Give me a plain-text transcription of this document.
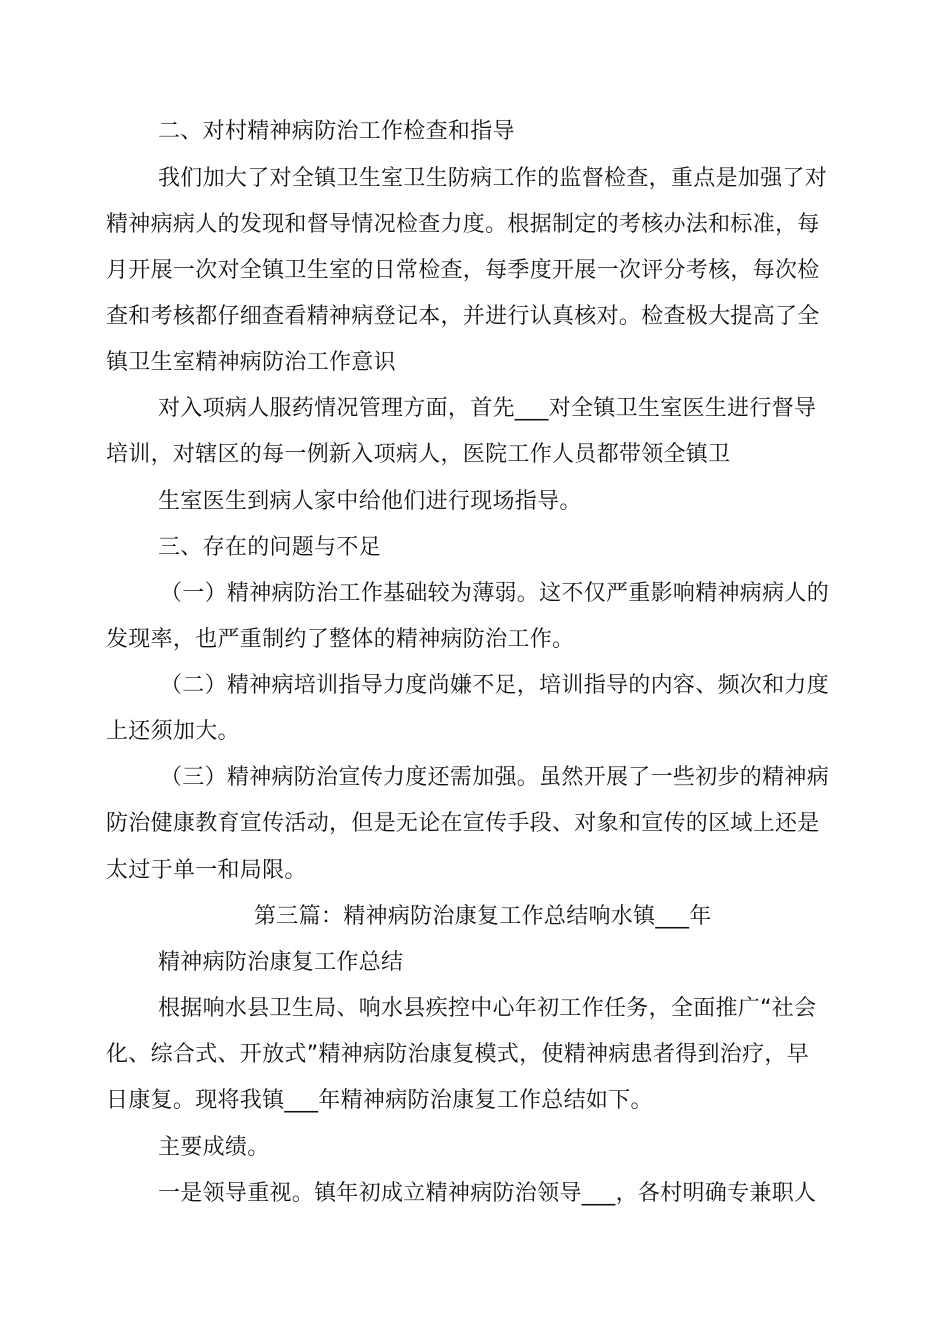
二、对村精神病防治工作检查和指导
我们加大了对全镇卫生室卫生防病工作的监督检查，重点是加强了对
精神病病人的发现和督导情况检查力度。根据制定的考核办法和标准，每
月开展一次对全镇卫生室的日常检查，每季度开展一次评分考核，每次检
查和考核都仔细查看精神病登记本，并进行认真核对。检查极大提高了全
镇卫生室精神病防治工作意识
对入项病人服药情况管理方面，首先___对全镇卫生室医生进行督导
培训，对辖区的每一例新入项病人，医院工作人员都带领全镇卫
生室医生到病人家中给他们进行现场指导。
三、存在的问题与不足
（一）精神病防治工作基础较为薄弱。这不仅严重影响精神病病人的
发现率，也严重制约了整体的精神病防治工作。
（二）精神病培训指导力度尚嫌不足，培训指导的内容、频次和力度
上还须加大。
（三）精神病防治宣传力度还需加强。虽然开展了一些初步的精神病
防治健康教育宣传活动，但是无论在宣传手段、对象和宣传的区域上还是
太过于单一和局限。
第三篇：精神病防治康复工作总结响水镇___年
精神病防治康复工作总结
根据响水县卫生局、响水县疾控中心年初工作任务，全面推广“社会
化、综合式、开放式”精神病防治康复模式，使精神病患者得到治疗，早
日康复。现将我镇___年精神病防治康复工作总结如下。
主要成绩。
一是领导重视。镇年初成立精神病防治领导___，各村明确专兼职人
